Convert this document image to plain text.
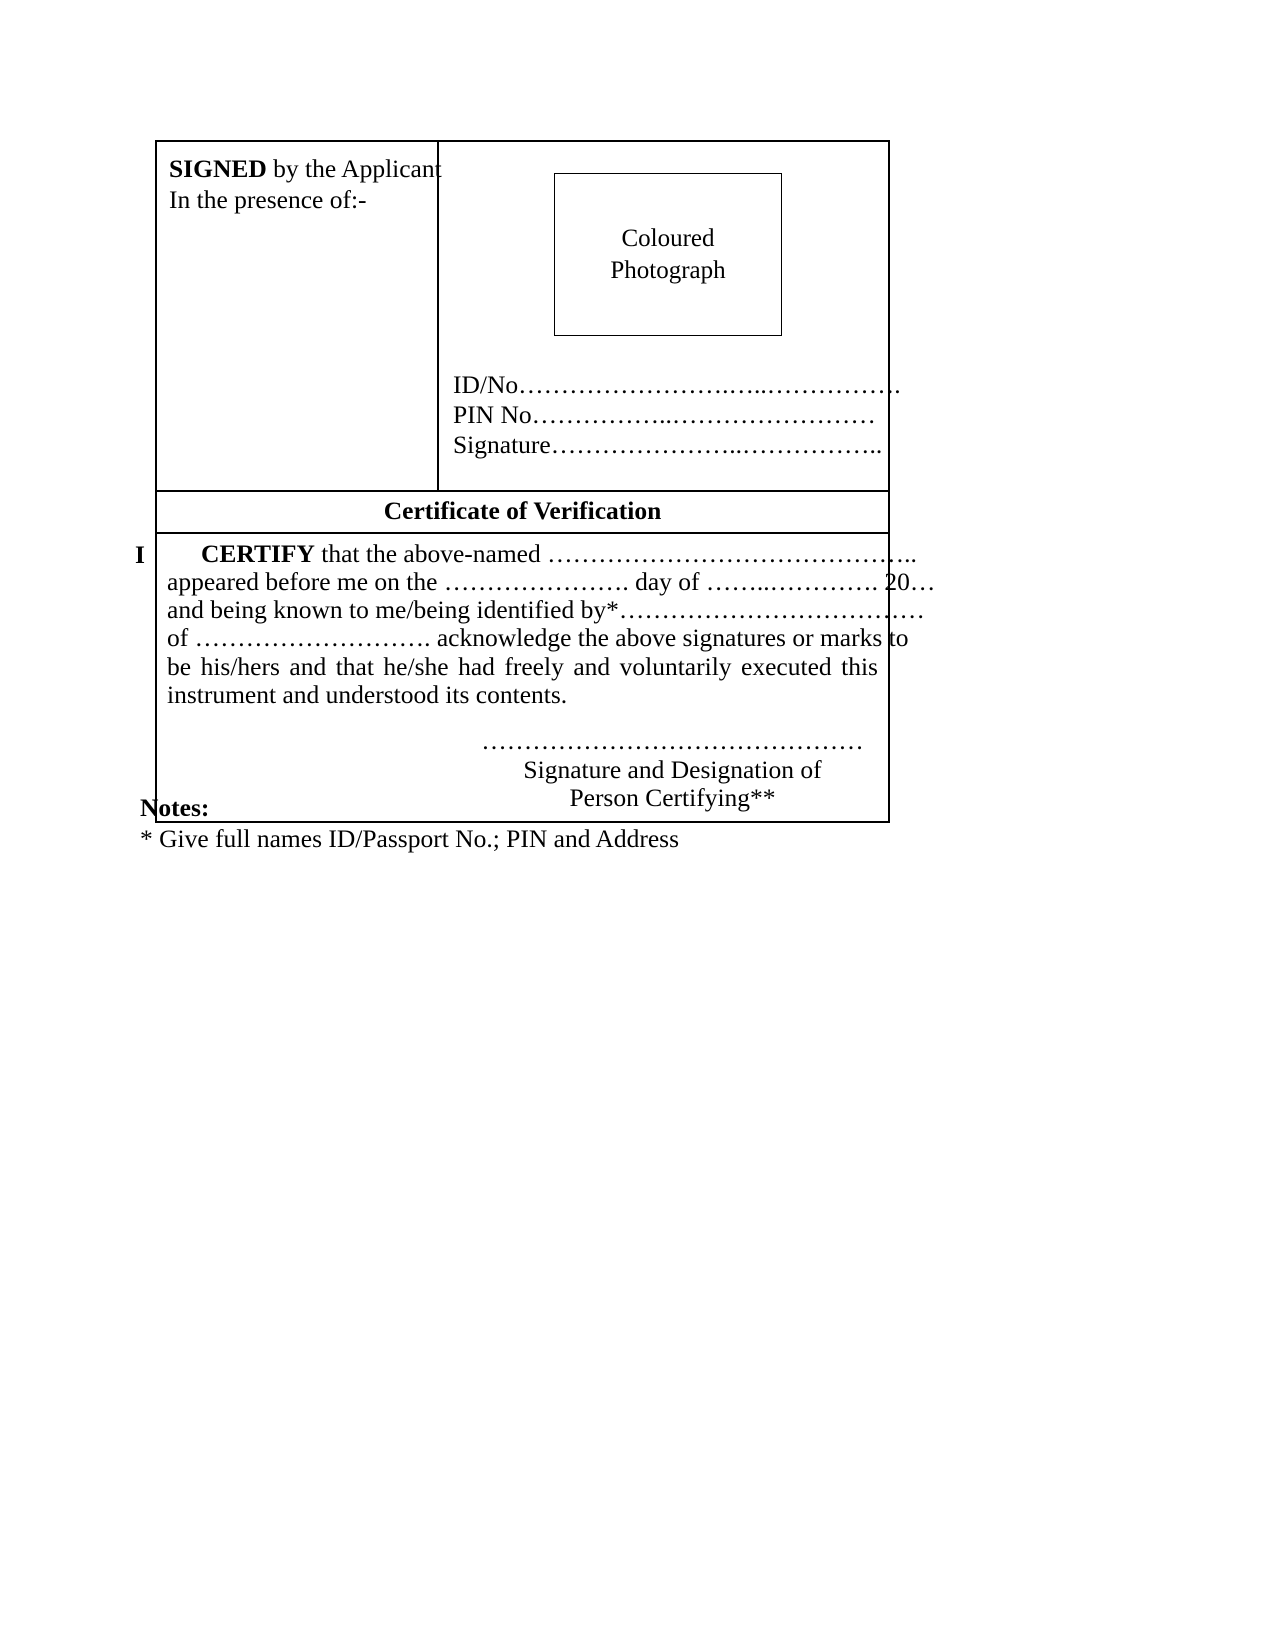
SIGNED by the Applicant
In the presence of:-
Coloured
Photograph
ID/No…………………….…..…………….
PIN No……………..……………………
Signature…………………..……………..
Certificate of Verification
I	CERTIFY that the above-named ……………………………………..
appeared before me on the …………………. day of ……..…………. 20…
and being known to me/being identified by*………………………………
of ………………………. acknowledge the above signatures or marks to
be his/hers and that he/she had freely and voluntarily executed this
instrument and understood its contents.
………………………………………
Signature and Designation of
Person Certifying**
Notes:
* Give full names ID/Passport No.; PIN and Address
